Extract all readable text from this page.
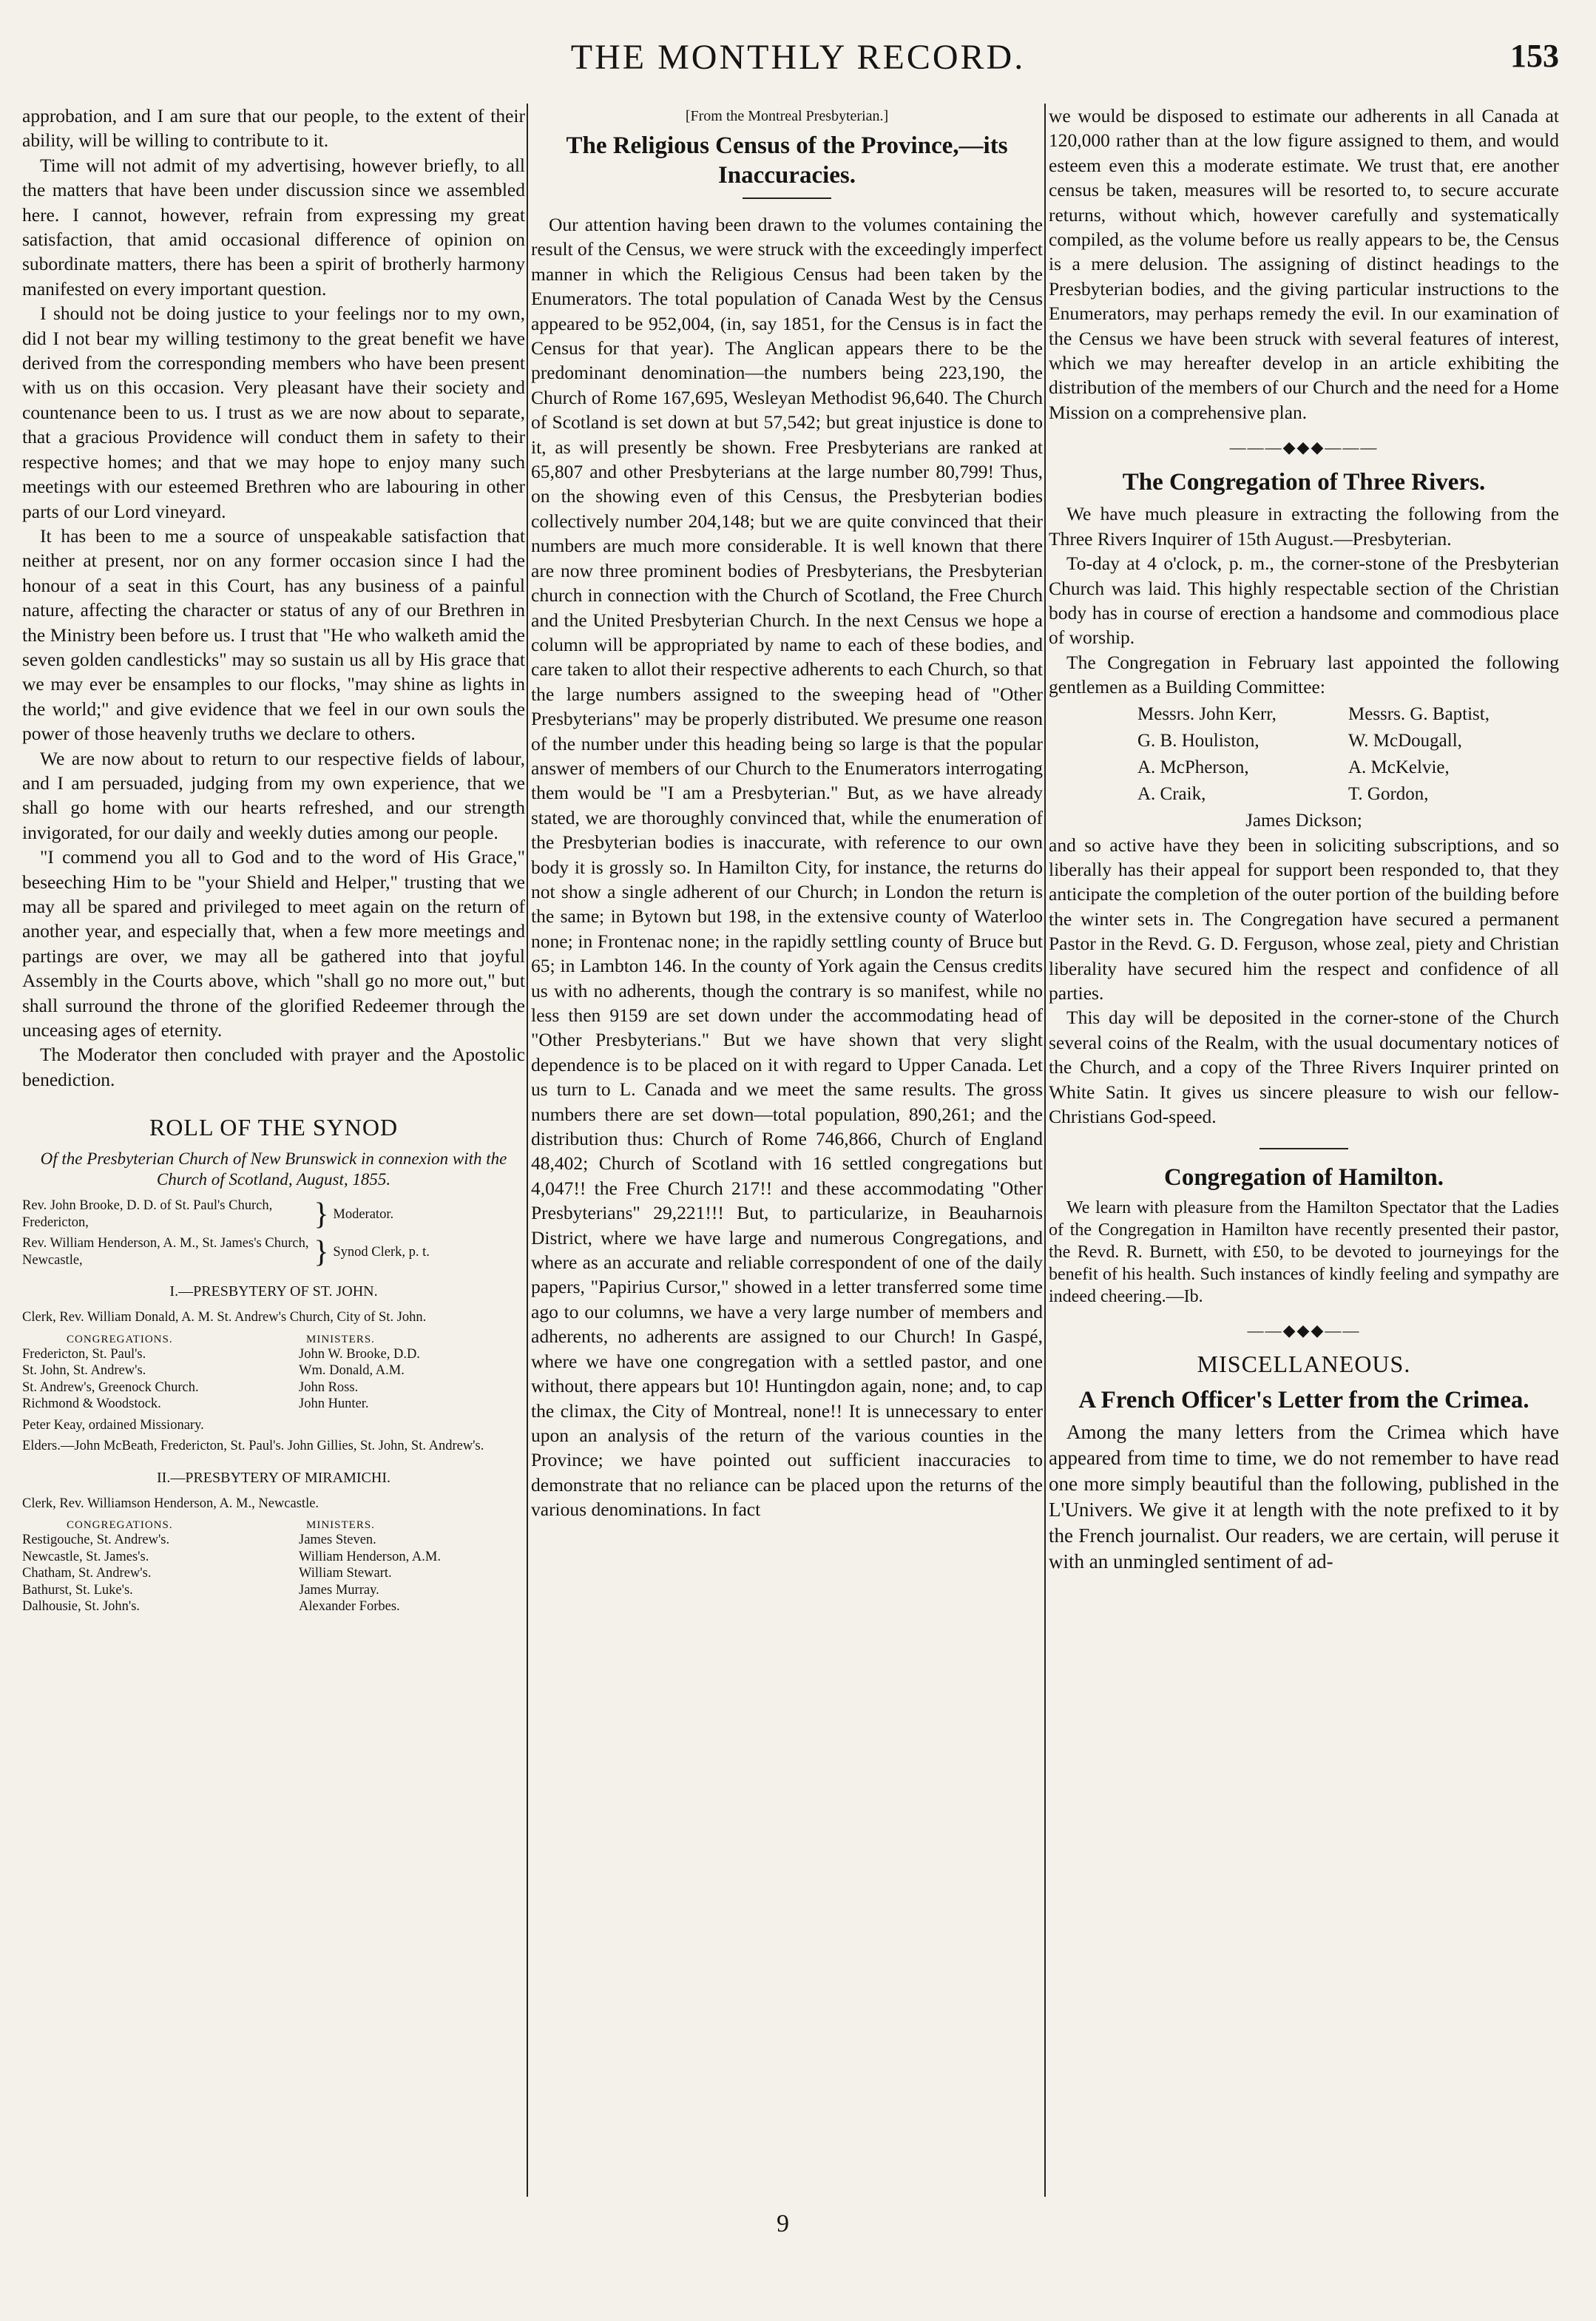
THE MONTHLY RECORD.	153

approbation, and I am sure that our people, to the extent of their ability, will be willing to contribute to it.

Time will not admit of my advertising, however briefly, to all the matters that have been under discussion since we assembled here. I cannot, however, refrain from expressing my great satisfaction, that amid occasional difference of opinion on subordinate matters, there has been a spirit of brotherly harmony manifested on every important question.

I should not be doing justice to your feelings nor to my own, did I not bear my willing testimony to the great benefit we have derived from the corresponding members who have been present with us on this occasion. Very pleasant have their society and countenance been to us. I trust as we are now about to separate, that a gracious Providence will conduct them in safety to their respective homes; and that we may hope to enjoy many such meetings with our esteemed Brethren who are labouring in other parts of our Lord vineyard.

It has been to me a source of unspeakable satisfaction that neither at present, nor on any former occasion since I had the honour of a seat in this Court, has any business of a painful nature, affecting the character or status of any of our Brethren in the Ministry been before us. I trust that "He who walketh amid the seven golden candlesticks" may so sustain us all by His grace that we may ever be ensamples to our flocks, "may shine as lights in the world;" and give evidence that we feel in our own souls the power of those heavenly truths we declare to others.

We are now about to return to our respective fields of labour, and I am persuaded, judging from my own experience, that we shall go home with our hearts refreshed, and our strength invigorated, for our daily and weekly duties among our people.

"I commend you all to God and to the word of His Grace," beseeching Him to be "your Shield and Helper," trusting that we may all be spared and privileged to meet again on the return of another year, and especially that, when a few more meetings and partings are over, we may all be gathered into that joyful Assembly in the Courts above, which "shall go no more out," but shall surround the throne of the glorified Redeemer through the unceasing ages of eternity.

The Moderator then concluded with prayer and the Apostolic benediction.

ROLL OF THE SYNOD
Of the Presbyterian Church of New Brunswick in connexion with the Church of Scotland, August, 1855.
Rev. John Brooke, D. D. of St. Paul's Church, Fredericton,	} Moderator.
Rev. William Henderson, A. M., St. James's Church, Newcastle,	} Synod Clerk, p. t.
I.—PRESBYTERY OF ST. JOHN.

Clerk, Rev. William Donald, A. M. St. Andrew's Church, City of St. John.

CONGREGATIONS.	MINISTERS.
Fredericton, St. Paul's.	John W. Brooke, D.D.
St. John, St. Andrew's.	Wm. Donald, A.M.
St. Andrew's, Greenock Church.	John Ross.
Richmond & Woodstock.	John Hunter.

Peter Keay, ordained Missionary.

Elders.—John McBeath, Fredericton, St. Paul's. John Gillies, St. John, St. Andrew's.

II.—PRESBYTERY OF MIRAMICHI.

Clerk, Rev. Williamson Henderson, A. M., Newcastle.

CONGREGATIONS.	MINISTERS.
Restigouche, St. Andrew's.	James Steven.
Newcastle, St. James's.	William Henderson, A.M.
Chatham, St. Andrew's.	William Stewart.
Bathurst, St. Luke's.	James Murray.
Dalhousie, St. John's.	Alexander Forbes.
[From the Montreal Presbyterian.]
The Religious Census of the Province,—its Inaccuracies.

Our attention having been drawn to the volumes containing the result of the Census, we were struck with the exceedingly imperfect manner in which the Religious Census had been taken by the Enumerators. The total population of Canada West by the Census appeared to be 952,004, (in, say 1851, for the Census is in fact the Census for that year). The Anglican appears there to be the predominant denomination—the numbers being 223,190, the Church of Rome 167,695, Wesleyan Methodist 96,640. The Church of Scotland is set down at but 57,542; but great injustice is done to it, as will presently be shown. Free Presbyterians are ranked at 65,807 and other Presbyterians at the large number 80,799! Thus, on the showing even of this Census, the Presbyterian bodies collectively number 204,148; but we are quite convinced that their numbers are much more considerable. It is well known that there are now three prominent bodies of Presbyterians, the Presbyterian church in connection with the Church of Scotland, the Free Church and the United Presbyterian Church. In the next Census we hope a column will be appropriated by name to each of these bodies, and care taken to allot their respective adherents to each Church, so that the large numbers assigned to the sweeping head of "Other Presbyterians" may be properly distributed. We presume one reason of the number under this heading being so large is that the popular answer of members of our Church to the Enumerators interrogating them would be "I am a Presbyterian." But, as we have already stated, we are thoroughly convinced that, while the enumeration of the Presbyterian bodies is inaccurate, with reference to our own body it is grossly so. In Hamilton City, for instance, the returns do not show a single adherent of our Church; in London the return is the same; in Bytown but 198, in the extensive county of Waterloo none; in Frontenac none; in the rapidly settling county of Bruce but 65; in Lambton 146. In the county of York again the Census credits us with no adherents, though the contrary is so manifest, while no less then 9159 are set down under the accommodating head of "Other Presbyterians." But we have shown that very slight dependence is to be placed on it with regard to Upper Canada. Let us turn to L. Canada and we meet the same results. The gross numbers there are set down—total population, 890,261; and the distribution thus: Church of Rome 746,866, Church of England 48,402; Church of Scotland with 16 settled congregations but 4,047!! the Free Church 217!! and these accommodating "Other Presbyterians" 29,221!!! But, to particularize, in Beauharnois District, where we have large and numerous Congregations, and where as an accurate and reliable correspondent of one of the daily papers, "Papirius Cursor," showed in a letter transferred some time ago to our columns, we have a very large number of members and adherents, no adherents are assigned to our Church! In Gaspé, where we have one congregation with a settled pastor, and one without, there appears but 10! Huntingdon again, none; and, to cap the climax, the City of Montreal, none!! It is unnecessary to enter upon an analysis of the return of the various counties in the Province; we have pointed out sufficient inaccuracies to demonstrate that no reliance can be placed upon the returns of the various denominations. In fact

we would be disposed to estimate our adherents in all Canada at 120,000 rather than at the low figure assigned to them, and would esteem even this a moderate estimate. We trust that, ere another census be taken, measures will be resorted to, to secure accurate returns, without which, however carefully and systematically compiled, as the volume before us really appears to be, the Census is a mere delusion. The assigning of distinct headings to the Presbyterian bodies, and the giving particular instructions to the Enumerators, may perhaps remedy the evil. In our examination of the Census we have been struck with several features of interest, which we may hereafter develop in an article exhibiting the distribution of the members of our Church and the need for a Home Mission on a comprehensive plan.

———◆◆◆———
The Congregation of Three Rivers.

We have much pleasure in extracting the following from the Three Rivers Inquirer of 15th August.—Presbyterian.

To-day at 4 o'clock, p. m., the corner-stone of the Presbyterian Church was laid. This highly respectable section of the Christian body has in course of erection a handsome and commodious place of worship.

The Congregation in February last appointed the following gentlemen as a Building Committee:

Messrs. John Kerr,	Messrs. G. Baptist,
G. B. Houliston,	W. McDougall,
A. McPherson,	A. McKelvie,
A. Craik,	T. Gordon,
James Dickson;

and so active have they been in soliciting subscriptions, and so liberally has their appeal for support been responded to, that they anticipate the completion of the outer portion of the building before the winter sets in. The Congregation have secured a permanent Pastor in the Revd. G. D. Ferguson, whose zeal, piety and Christian liberality have secured him the respect and confidence of all parties.

This day will be deposited in the corner-stone of the Church several coins of the Realm, with the usual documentary notices of the Church, and a copy of the Three Rivers Inquirer printed on White Satin. It gives us sincere pleasure to wish our fellow-Christians God-speed.

Congregation of Hamilton.

We learn with pleasure from the Hamilton Spectator that the Ladies of the Congregation in Hamilton have recently presented their pastor, the Revd. R. Burnett, with £50, to be devoted to journeyings for the benefit of his health. Such instances of kindly feeling and sympathy are indeed cheering.—Ib.

——◆◆◆——
MISCELLANEOUS.
A French Officer's Letter from the Crimea.

Among the many letters from the Crimea which have appeared from time to time, we do not remember to have read one more simply beautiful than the following, published in the L'Univers. We give it at length with the note prefixed to it by the French journalist. Our readers, we are certain, will peruse it with an unmingled sentiment of ad-

9
